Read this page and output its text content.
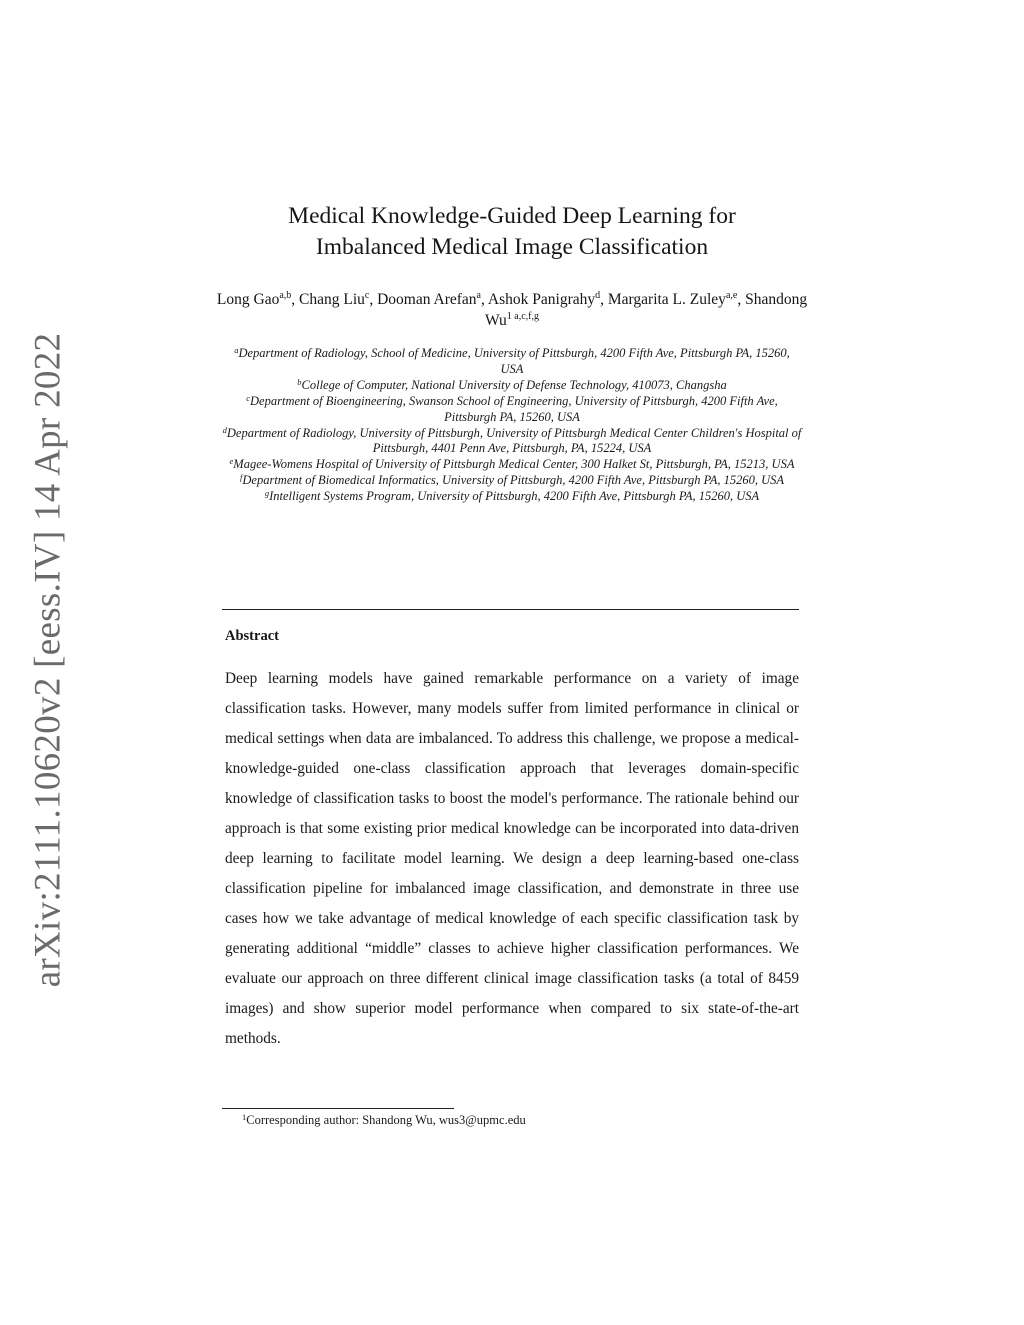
arXiv:2111.10620v2 [eess.IV] 14 Apr 2022
Medical Knowledge-Guided Deep Learning for
Imbalanced Medical Image Classification
Long Gao$^{a,b}$, Chang Liu$^c$, Dooman Arefan$^a$, Ashok Panigrahy$^d$, Margarita L. Zuley$^{a,e}$, Shandong $Wu^{1 a,c,f,g}$
$^a$Department of Radiology, School of Medicine, University of Pittsburgh, 4200 Fifth Ave, Pittsburgh PA, 15260, USA
$^b$College of Computer, National University of Defense Technology, 410073, Changsha
$^c$Department of Bioengineering, Swanson School of Engineering, University of Pittsburgh, 4200 Fifth Ave, Pittsburgh PA, 15260, USA
$^d$Department of Radiology, University of Pittsburgh, University of Pittsburgh Medical Center Children's Hospital of Pittsburgh, 4401 Penn Ave, Pittsburgh, PA, 15224, USA
$^e$Magee-Womens Hospital of University of Pittsburgh Medical Center, 300 Halket St, Pittsburgh, PA, 15213, USA
$^f$Department of Biomedical Informatics, University of Pittsburgh, 4200 Fifth Ave, Pittsburgh PA, 15260, USA
$^g$Intelligent Systems Program, University of Pittsburgh, 4200 Fifth Ave, Pittsburgh PA, 15260, USA
Abstract
Deep learning models have gained remarkable performance on a variety of image classification tasks. However, many models suffer from limited performance in clinical or medical settings when data are imbalanced. To address this challenge, we propose a medical-knowledge-guided one-class classification approach that leverages domain-specific knowledge of classification tasks to boost the model's performance. The rationale behind our approach is that some existing prior medical knowledge can be incorporated into data-driven deep learning to facilitate model learning. We design a deep learning-based one-class classification pipeline for imbalanced image classification, and demonstrate in three use cases how we take advantage of medical knowledge of each specific classification task by generating additional “middle” classes to achieve higher classification performances. We evaluate our approach on three different clinical image classification tasks (a total of 8459 images) and show superior model performance when compared to six state-of-the-art methods.
$^1$Corresponding author: Shandong Wu, wus3@upmc.edu
